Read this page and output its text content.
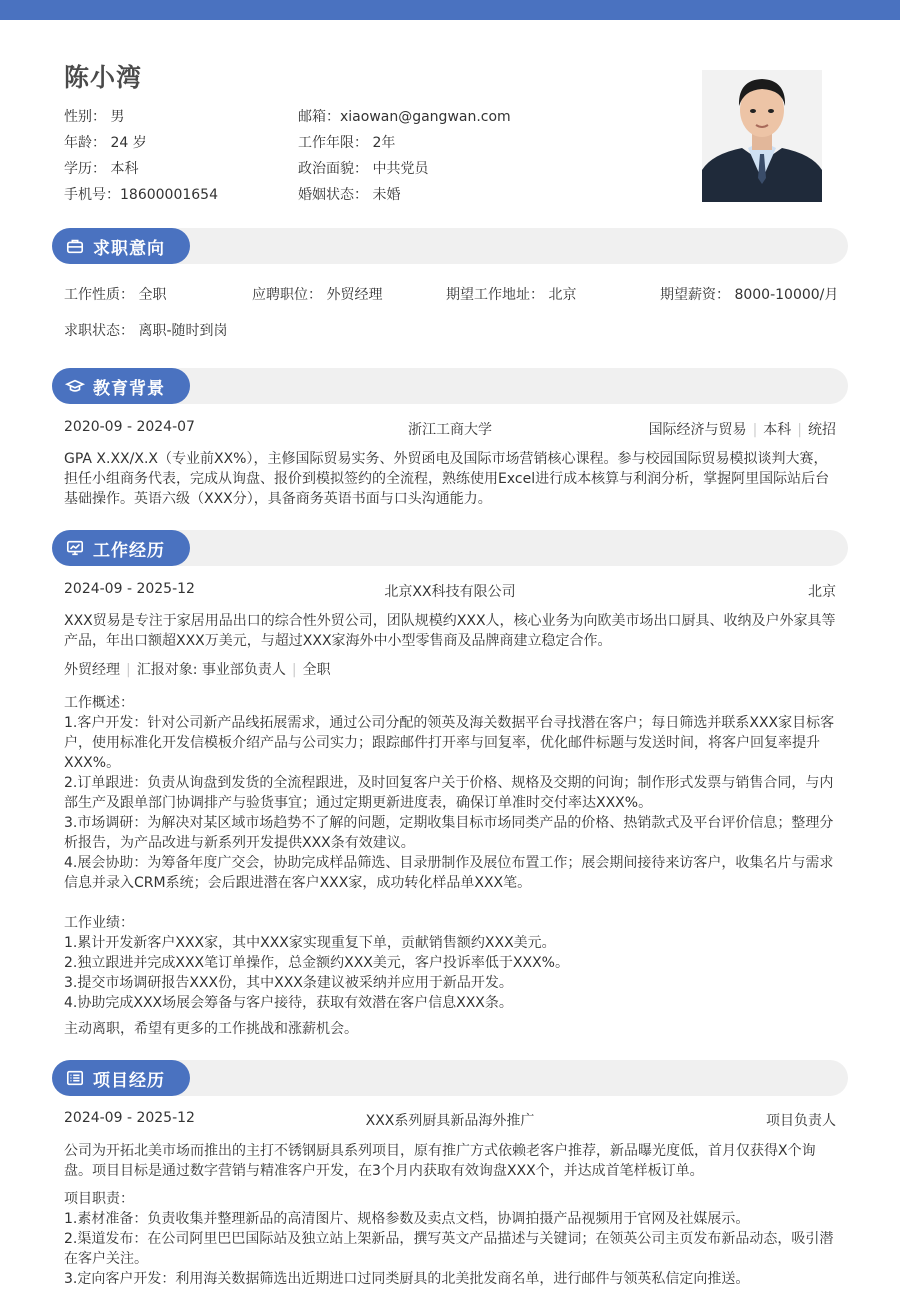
陈小湾
性别： 男
年龄： 24 岁
学历： 本科
手机号：18600001654
邮箱：xiaowan@gangwan.com
工作年限： 2年
政治面貌： 中共党员
婚姻状态： 未婚
求职意向
工作性质： 全职	应聘职位： 外贸经理	期望工作地址： 北京	期望薪资： 8000-10000/月
求职状态： 离职-随时到岗
教育背景
2020-09 - 2024-07	浙江工商大学	国际经济与贸易 | 本科 | 统招
GPA X.XX/X.X（专业前XX%），主修国际贸易实务、外贸函电及国际市场营销核心课程。参与校园国际贸易模拟谈判大赛，担任小组商务代表，完成从询盘、报价到模拟签约的全流程，熟练使用Excel进行成本核算与利润分析，掌握阿里国际站后台基础操作。英语六级（XXX分），具备商务英语书面与口头沟通能力。
工作经历
2024-09 - 2025-12	北京XX科技有限公司	北京
XXX贸易是专注于家居用品出口的综合性外贸公司，团队规模约XXX人，核心业务为向欧美市场出口厨具、收纳及户外家具等产品，年出口额超XXX万美元，与超过XXX家海外中小型零售商及品牌商建立稳定合作。
外贸经理 | 汇报对象: 事业部负责人 | 全职
工作概述：
1.客户开发：针对公司新产品线拓展需求，通过公司分配的领英及海关数据平台寻找潜在客户；每日筛选并联系XXX家目标客户，使用标准化开发信模板介绍产品与公司实力；跟踪邮件打开率与回复率，优化邮件标题与发送时间，将客户回复率提升XXX%。
2.订单跟进：负责从询盘到发货的全流程跟进，及时回复客户关于价格、规格及交期的问询；制作形式发票与销售合同，与内部生产及跟单部门协调排产与验货事宜；通过定期更新进度表，确保订单准时交付率达XXX%。
3.市场调研：为解决对某区域市场趋势不了解的问题，定期收集目标市场同类产品的价格、热销款式及平台评价信息；整理分析报告，为产品改进与新系列开发提供XXX条有效建议。
4.展会协助：为筹备年度广交会，协助完成样品筛选、目录册制作及展位布置工作；展会期间接待来访客户，收集名片与需求信息并录入CRM系统；会后跟进潜在客户XXX家，成功转化样品单XXX笔。

工作业绩：
1.累计开发新客户XXX家，其中XXX家实现重复下单，贡献销售额约XXX美元。
2.独立跟进并完成XXX笔订单操作，总金额约XXX美元，客户投诉率低于XXX%。
3.提交市场调研报告XXX份，其中XXX条建议被采纳并应用于新品开发。
4.协助完成XXX场展会筹备与客户接待，获取有效潜在客户信息XXX条。
主动离职，希望有更多的工作挑战和涨薪机会。
项目经历
2024-09 - 2025-12	XXX系列厨具新品海外推广	项目负责人
公司为开拓北美市场而推出的主打不锈钢厨具系列项目，原有推广方式依赖老客户推荐，新品曝光度低，首月仅获得X个询盘。项目目标是通过数字营销与精准客户开发，在3个月内获取有效询盘XXX个，并达成首笔样板订单。
项目职责：
1.素材准备：负责收集并整理新品的高清图片、规格参数及卖点文档，协调拍摄产品视频用于官网及社媒展示。
2.渠道发布：在公司阿里巴巴国际站及独立站上架新品，撰写英文产品描述与关键词；在领英公司主页发布新品动态，吸引潜在客户关注。
3.定向客户开发：利用海关数据筛选出近期进口过同类厨具的北美批发商名单，进行邮件与领英私信定向推送。
